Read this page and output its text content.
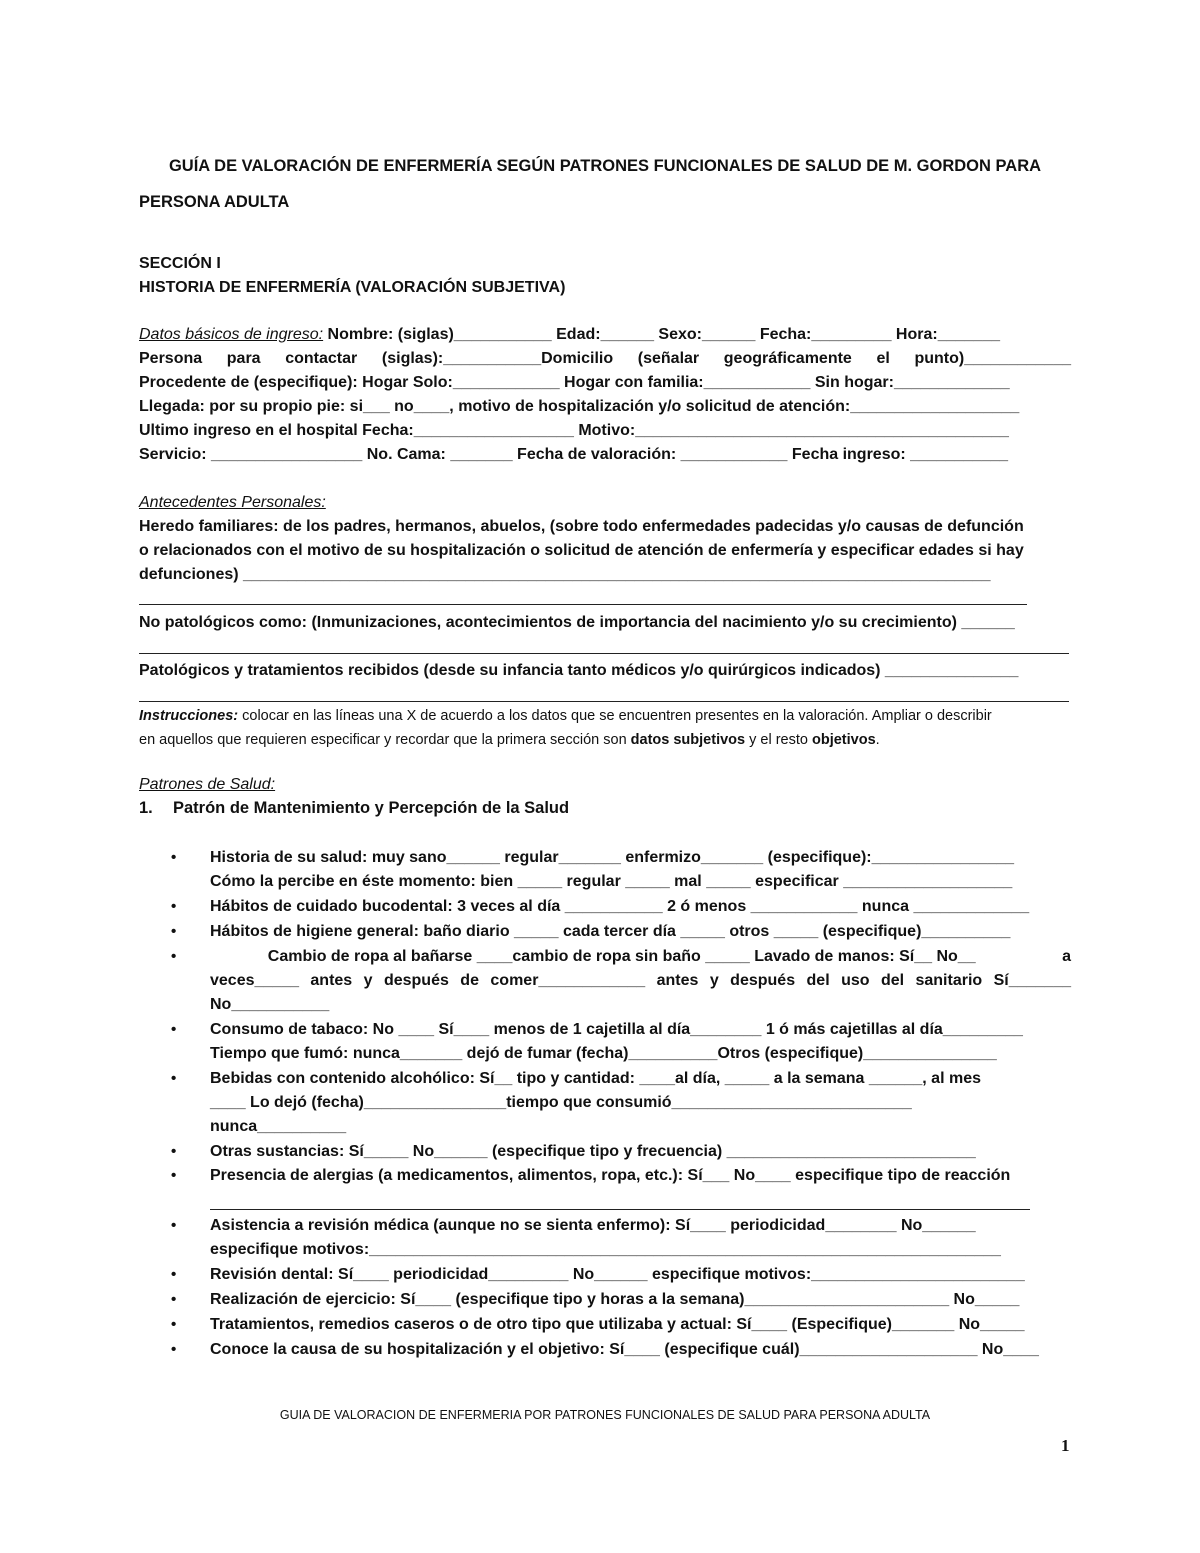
GUÍA DE VALORACIÓN DE ENFERMERÍA SEGÚN PATRONES FUNCIONALES DE SALUD DE M. GORDON PARA
PERSONA ADULTA
SECCIÓN I
HISTORIA DE ENFERMERÍA (VALORACIÓN SUBJETIVA)
Datos básicos de ingreso: Nombre: (siglas)___________ Edad:______ Sexo:______ Fecha:_________ Hora:_______
Persona para contactar (siglas):___________Domicilio (señalar geográficamente el punto)____________
Procedente de (especifique): Hogar Solo:____________ Hogar con familia:____________ Sin hogar:_____________
Llegada: por su propio pie: si___ no____, motivo de hospitalización y/o solicitud de atención:___________________
Ultimo ingreso en el hospital Fecha:__________________ Motivo:__________________________________________
Servicio: _________________ No. Cama: _______ Fecha de valoración: ____________ Fecha ingreso: ___________
Antecedentes Personales:
Heredo familiares: de los padres, hermanos, abuelos, (sobre todo enfermedades padecidas y/o causas de defunción
o relacionados con el motivo de su hospitalización o solicitud de atención de enfermería y especificar edades si hay
defunciones) ____________________________________________________________________________________
No patológicos como: (Inmunizaciones, acontecimientos de importancia del nacimiento y/o su crecimiento) ______
Patológicos y tratamientos recibidos (desde su infancia tanto médicos y/o quirúrgicos indicados) _______________
Instrucciones: colocar en las líneas una X de acuerdo a los datos que se encuentren presentes en la valoración. Ampliar o describir
en aquellos que requieren especificar y recordar que la primera sección son datos subjetivos y el resto objetivos.
Patrones de Salud:
1. Patrón de Mantenimiento y Percepción de la Salud
• Historia de su salud: muy sano______ regular_______ enfermizo_______ (especifique):________________
Cómo la percibe en éste momento: bien _____ regular _____ mal _____ especificar ___________________
• Hábitos de cuidado bucodental: 3 veces al día ___________ 2 ó menos ____________ nunca _____________
• Hábitos de higiene general: baño diario _____ cada tercer día _____ otros _____ (especifique)__________
• Cambio de ropa al bañarse ____cambio de ropa sin baño _____ Lavado de manos: Sí__ No__	a
veces_____ antes y después de comer____________ antes y después del uso del sanitario Sí_______
No___________
• Consumo de tabaco: No ____ Sí____ menos de 1 cajetilla al día________ 1 ó más cajetillas al día_________
Tiempo que fumó: nunca_______ dejó de fumar (fecha)__________Otros (especifique)_______________
• Bebidas con contenido alcohólico: Sí__ tipo y cantidad: ____al día, _____ a la semana ______, al mes
____ Lo dejó (fecha)________________tiempo que consumió___________________________
nunca__________
• Otras sustancias: Sí_____ No______ (especifique tipo y frecuencia) ____________________________
• Presencia de alergias (a medicamentos, alimentos, ropa, etc.): Sí___ No____ especifique tipo de reacción
• Asistencia a revisión médica (aunque no se sienta enfermo): Sí____ periodicidad________ No______
especifique motivos:_______________________________________________________________________
• Revisión dental: Sí____ periodicidad_________ No______ especifique motivos:________________________
• Realización de ejercicio: Sí____ (especifique tipo y horas a la semana)_______________________ No_____
• Tratamientos, remedios caseros o de otro tipo que utilizaba y actual: Sí____ (Especifique)_______ No_____
• Conoce la causa de su hospitalización y el objetivo: Sí____ (especifique cuál)____________________ No____
GUIA DE VALORACION DE ENFERMERIA POR PATRONES FUNCIONALES DE SALUD PARA PERSONA ADULTA
1
